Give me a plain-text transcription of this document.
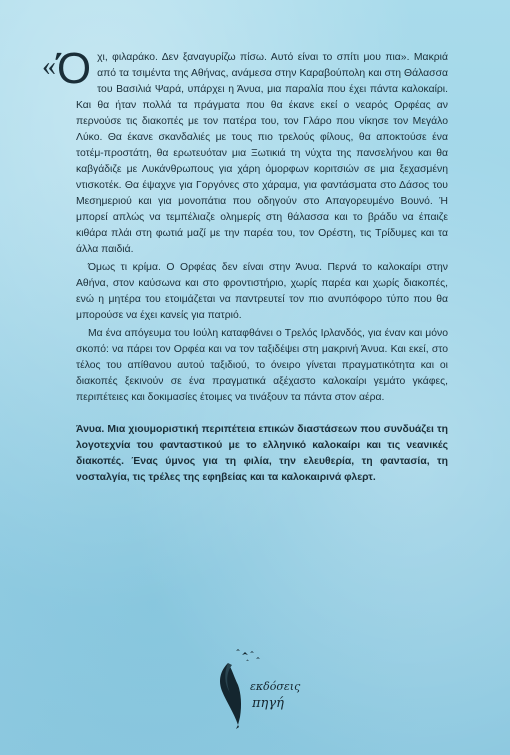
« Ό χι, φιλαράκο. Δεν ξαναγυρίζω πίσω. Αυτό είναι το σπίτι μου πια». Μακριά από τα τσιμέντα της Αθήνας, ανάμεσα στην Καραβούπολη και στη Θάλασσα του Βασιλιά Ψαρά, υπάρχει η Άνυα, μια παραλία που έχει πάντα καλοκαίρι. Και θα ήταν πολλά τα πράγματα που θα έκανε εκεί ο νεαρός Ορφέας αν περνούσε τις διακοπές με τον πατέρα του, τον Γλάρο που νίκησε τον Μεγάλο Λύκο. Θα έκανε σκανδαλιές με τους πιο τρελούς φίλους, θα αποκτούσε ένα τοτέμ-προστάτη, θα ερωτευόταν μια Ξωτικιά τη νύχτα της πανσελήνου και θα καβγάδιζε με Λυκάνθρωπους για χάρη όμορφων κοριτσιών σε μια ξεχασμένη ντισκοτέκ. Θα έψαχνε για Γοργόνες στο χάραμα, για φαντάσματα στο Δάσος του Μεσημεριού και για μονοπάτια που οδηγούν στο Απαγορευμένο Βουνό. Ή μπορεί απλώς να τεμπέλιαζε ολημερίς στη θάλασσα και το βράδυ να έπαιζε κιθάρα πλάι στη φωτιά μαζί με την παρέα του, τον Ορέστη, τις Τρίδυμες και τα άλλα παιδιά.

Όμως τι κρίμα. Ο Ορφέας δεν είναι στην Άνυα. Περνά το καλοκαίρι στην Αθήνα, στον καύσωνα και στο φροντιστήριο, χωρίς παρέα και χωρίς διακοπές, ενώ η μητέρα του ετοιμάζεται να παντρευτεί τον πιο ανυπόφορο τύπο που θα μπορούσε να έχει κανείς για πατριό.

Μα ένα απόγευμα του Ιούλη καταφθάνει ο Τρελός Ιρλανδός, για έναν και μόνο σκοπό: να πάρει τον Ορφέα και να τον ταξιδέψει στη μακρινή Άνυα. Και εκεί, στο τέλος του απίθανου αυτού ταξιδιού, το όνειρο γίνεται πραγματικότητα και οι διακοπές ξεκινούν σε ένα πραγματικά αξέχαστο καλοκαίρι γεμάτο γκάφες, περιπέτειες και δοκιμασίες έτοιμες να τινάξουν τα πάντα στον αέρα.

Άνυα. Μια χιουμοριστική περιπέτεια επικών διαστάσεων που συνδυάζει τη λογοτεχνία του φανταστικού με το ελληνικό καλοκαίρι και τις νεανικές διακοπές. Ένας ύμνος για τη φιλία, την ελευθερία, τη φαντασία, τη νοσταλγία, τις τρέλες της εφηβείας και τα καλοκαιρινά φλερτ.

εκδόσεις
πηγή
